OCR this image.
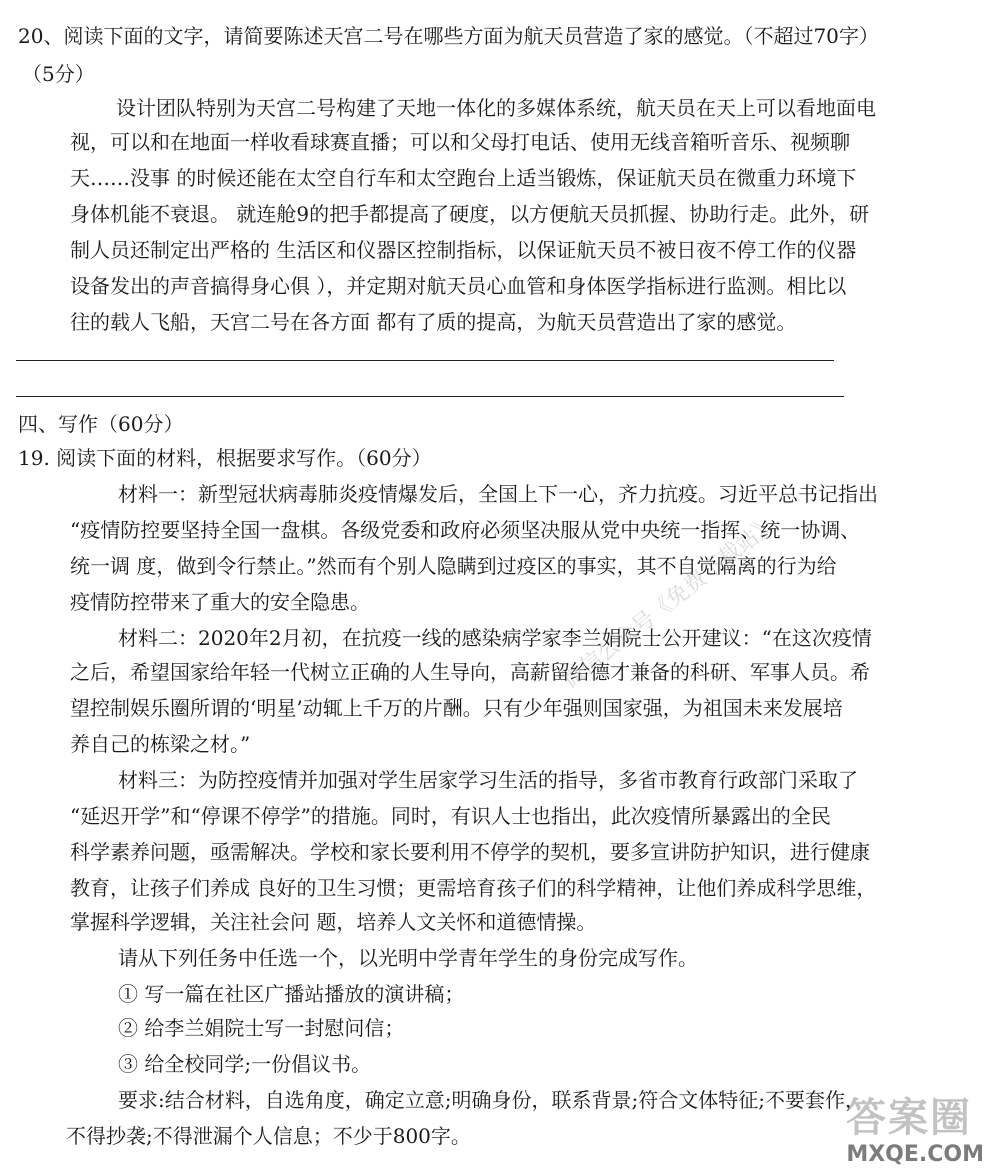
20、阅读下面的文字，请简要陈述天宫二号在哪些方面为航天员营造了家的感觉。（不超过70字）
（5分）
设计团队特别为天宫二号构建了天地一体化的多媒体系统，航天员在天上可以看地面电
视，可以和在地面一样收看球赛直播；可以和父母打电话、使用无线音箱听音乐、视频聊
天……没事 的时候还能在太空自行车和太空跑台上适当锻炼，保证航天员在微重力环境下
身体机能不衰退。 就连舱9的把手都提高了硬度，以方便航天员抓握、协助行走。此外，研
制人员还制定出严格的 生活区和仪器区控制指标，以保证航天员不被日夜不停工作的仪器
设备发出的声音搞得身心俱 ），并定期对航天员心血管和身体医学指标进行监测。相比以
往的载人飞船，天宫二号在各方面 都有了质的提高，为航天员营造出了家的感觉。
四、写作（60分）
19. 阅读下面的材料，根据要求写作。（60分）
材料一：新型冠状病毒肺炎疫情爆发后，全国上下一心，齐力抗疫。习近平总书记指出
“疫情防控要坚持全国一盘棋。各级党委和政府必须坚决服从党中央统一指挥、统一协调、
统一调 度，做到令行禁止。”然而有个别人隐瞒到过疫区的事实，其不自觉隔离的行为给
疫情防控带来了重大的安全隐患。
材料二：2020年2月初，在抗疫一线的感染病学家李兰娟院士公开建议：“在这次疫情
之后，希望国家给年轻一代树立正确的人生导向，高薪留给德才兼备的科研、军事人员。希
望控制娱乐圈所谓的‘明星’动辄上千万的片酬。只有少年强则国家强，为祖国未来发展培
养自己的栋梁之材。”
材料三：为防控疫情并加强对学生居家学习生活的指导，多省市教育行政部门采取了
“延迟开学”和“停课不停学”的措施。同时，有识人士也指出，此次疫情所暴露出的全民
科学素养问题，亟需解决。学校和家长要利用不停学的契机，要多宣讲防护知识，进行健康
教育，让孩子们养成 良好的卫生习惯；更需培育孩子们的科学精神，让他们养成科学思维，
掌握科学逻辑，关注社会问 题，培养人文关怀和道德情操。
请从下列任务中任选一个，以光明中学青年学生的身份完成写作。
① 写一篇在社区广播站播放的演讲稿；
② 给李兰娟院士写一封慰问信；
③ 给全校同学;一份倡议书。
要求:结合材料，自选角度，确定立意;明确身份，联系背景;符合文体特征;不要套作，
不得抄袭;不得泄漏个人信息；不少于800字。
微信公众号《免费下载站》
答案圈
MXQE.COM
